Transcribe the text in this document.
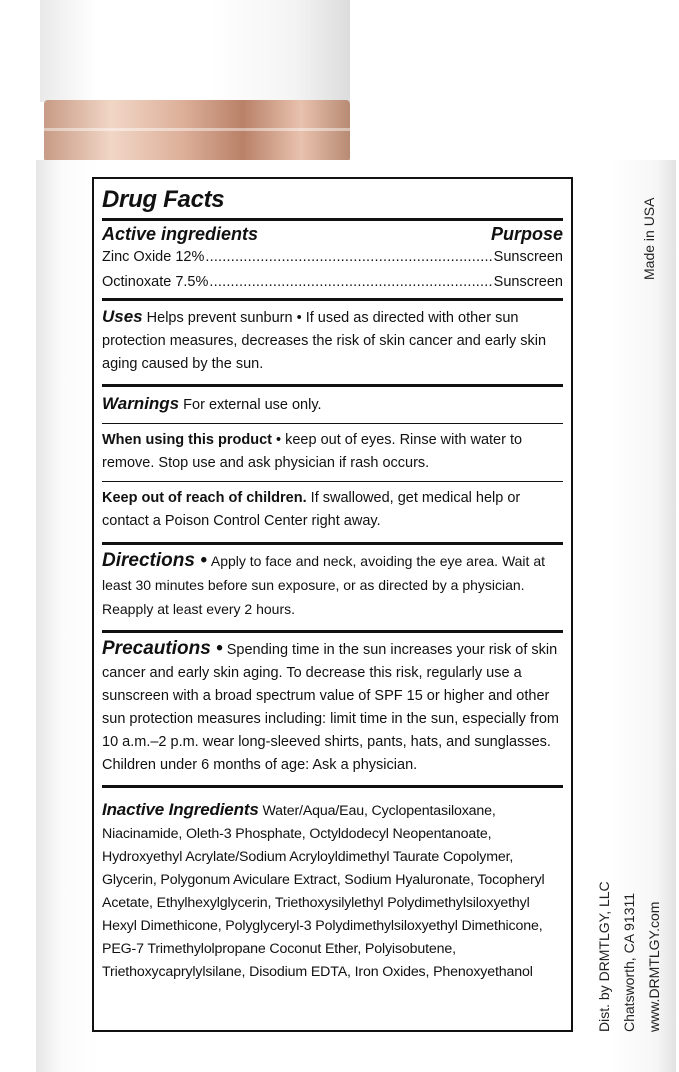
Drug Facts
Active ingredients	Purpose
Zinc Oxide 12% .....	Sunscreen
Octinoxate 7.5% .....	Sunscreen
Uses Helps prevent sunburn • If used as directed with other sun protection measures, decreases the risk of skin cancer and early skin aging caused by the sun.
Warnings For external use only.
When using this product • keep out of eyes. Rinse with water to remove. Stop use and ask physician if rash occurs.
Keep out of reach of children. If swallowed, get medical help or contact a Poison Control Center right away.
Directions • Apply to face and neck, avoiding the eye area. Wait at least 30 minutes before sun exposure, or as directed by a physician. Reapply at least every 2 hours.
Precautions • Spending time in the sun increases your risk of skin cancer and early skin aging. To decrease this risk, regularly use a sunscreen with a broad spectrum value of SPF 15 or higher and other sun protection measures including: limit time in the sun, especially from 10 a.m.–2 p.m. wear long-sleeved shirts, pants, hats, and sunglasses. Children under 6 months of age: Ask a physician.
Inactive Ingredients Water/Aqua/Eau, Cyclopentasiloxane, Niacinamide, Oleth-3 Phosphate, Octyldodecyl Neopentanoate, Hydroxyethyl Acrylate/Sodium Acryloyldimethyl Taurate Copolymer, Glycerin, Polygonum Aviculare Extract, Sodium Hyaluronate, Tocopheryl Acetate, Ethylhexylglycerin, Triethoxysilylethyl Polydimethylsiloxyethyl Hexyl Dimethicone, Polyglyceryl-3 Polydimethylsiloxyethyl Dimethicone, PEG-7 Trimethylolpropane Coconut Ether, Polyisobutene, Triethoxycaprylylsilane, Disodium EDTA, Iron Oxides, Phenoxyethanol
Made in USA
Dist. by DRMTLGY, LLC Chatsworth, CA 91311 www.DRMTLGY.com
